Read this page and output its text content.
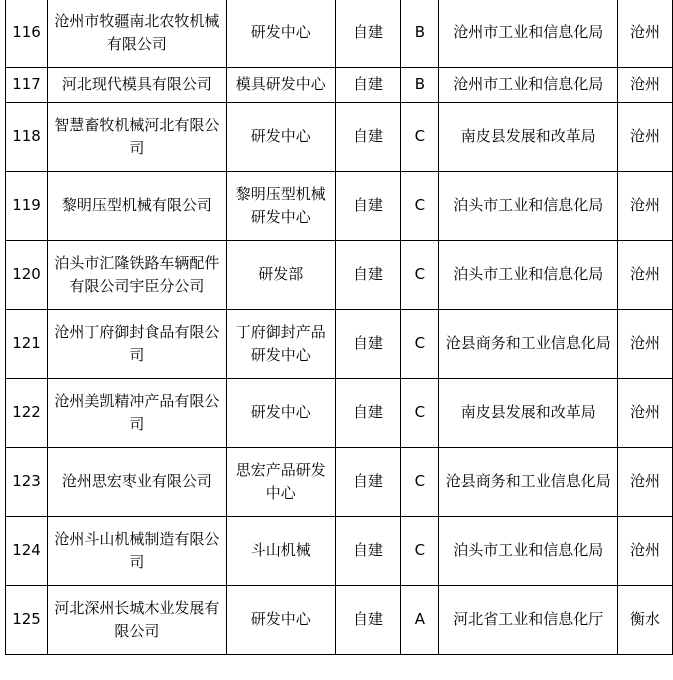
116	沧州市牧疆南北农牧机械有限公司	研发中心	自建	B	沧州市工业和信息化局	沧州
117	河北现代模具有限公司	模具研发中心	自建	B	沧州市工业和信息化局	沧州
118	智慧畜牧机械河北有限公司	研发中心	自建	C	南皮县发展和改革局	沧州
119	黎明压型机械有限公司	黎明压型机械研发中心	自建	C	泊头市工业和信息化局	沧州
120	泊头市汇隆铁路车辆配件有限公司宇臣分公司	研发部	自建	C	泊头市工业和信息化局	沧州
121	沧州丁府御封食品有限公司	丁府御封产品研发中心	自建	C	沧县商务和工业信息化局	沧州
122	沧州美凯精冲产品有限公司	研发中心	自建	C	南皮县发展和改革局	沧州
123	沧州思宏枣业有限公司	思宏产品研发中心	自建	C	沧县商务和工业信息化局	沧州
124	沧州斗山机械制造有限公司	斗山机械	自建	C	泊头市工业和信息化局	沧州
125	河北深州长城木业发展有限公司	研发中心	自建	A	河北省工业和信息化厅	衡水
